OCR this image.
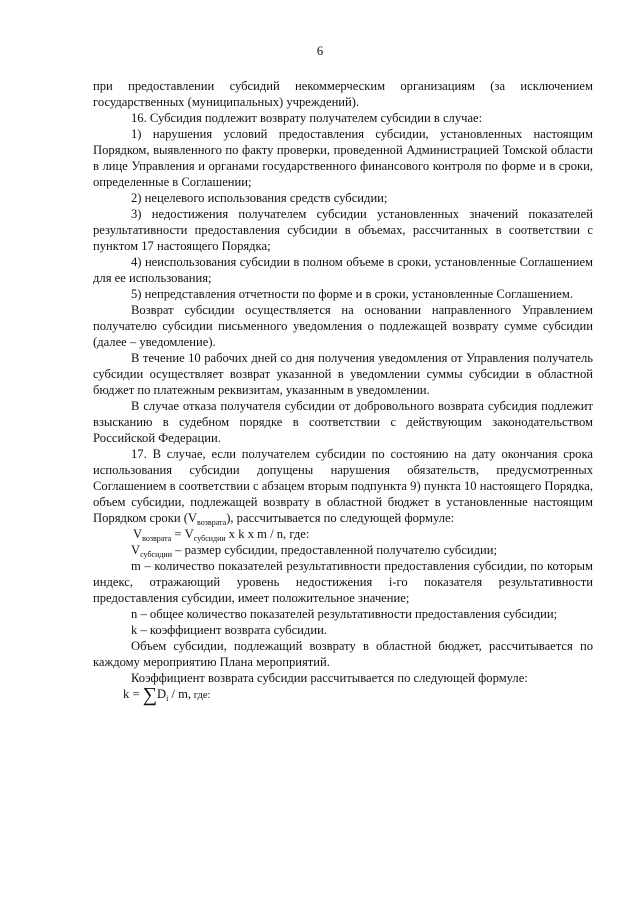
6

при предоставлении субсидий некоммерческим организациям (за исключением государственных (муниципальных) учреждений).

16. Субсидия подлежит возврату получателем субсидии в случае:

1) нарушения условий предоставления субсидии, установленных настоящим Порядком, выявленного по факту проверки, проведенной Администрацией Томской области в лице Управления и органами государственного финансового контроля по форме и в сроки, определенные в Соглашении;

2) нецелевого использования средств субсидии;

3) недостижения получателем субсидии установленных значений показателей результативности предоставления субсидии в объемах, рассчитанных в соответствии с пунктом 17 настоящего Порядка;

4) неиспользования субсидии в полном объеме в сроки, установленные Соглашением для ее использования;

5) непредставления отчетности по форме и в сроки, установленные Соглашением.

Возврат субсидии осуществляется на основании направленного Управлением получателю субсидии письменного уведомления о подлежащей возврату сумме субсидии (далее – уведомление).

В течение 10 рабочих дней со дня получения уведомления от Управления получатель субсидии осуществляет возврат указанной в уведомлении суммы субсидии в областной бюджет по платежным реквизитам, указанным в уведомлении.

В случае отказа получателя субсидии от добровольного возврата субсидия подлежит взысканию в судебном порядке в соответствии с действующим законодательством Российской Федерации.

17. В случае, если получателем субсидии по состоянию на дату окончания срока использования субсидии допущены нарушения обязательств, предусмотренных Соглашением в соответствии с абзацем вторым подпункта 9) пункта 10 настоящего Порядка, объем субсидии, подлежащей возврату в областной бюджет в установленные настоящим Порядком сроки $(V_{возврата})$, рассчитывается по следующей формуле:

$V_{возврата} = V_{субсидии}$ x k x m / n, где:

$V_{субсидии}$ – размер субсидии, предоставленной получателю субсидии;

m – количество показателей результативности предоставления субсидии, по которым индекс, отражающий уровень недостижения i-го показателя результативности предоставления субсидии, имеет положительное значение;

n – общее количество показателей результативности предоставления субсидии;

k – коэффициент возврата субсидии.

Объем субсидии, подлежащий возврату в областной бюджет, рассчитывается по каждому мероприятию Плана мероприятий.

Коэффициент возврата субсидии рассчитывается по следующей формуле:

$k = \sum D_i / m$, где:
